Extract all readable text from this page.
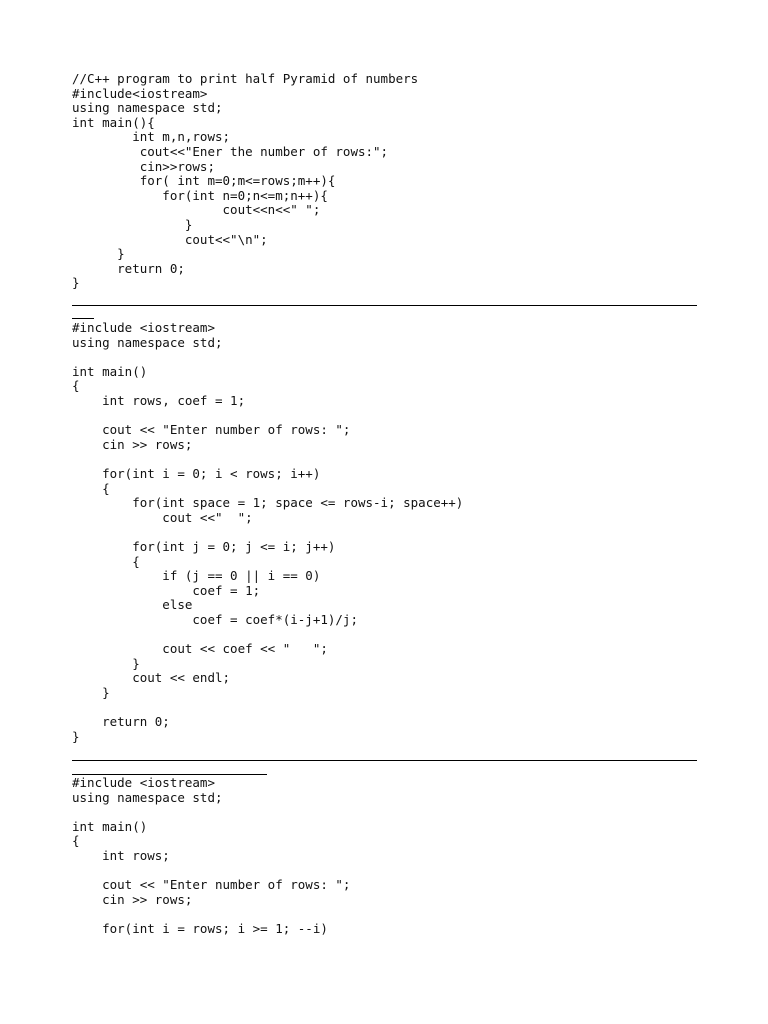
//C++ program to print half Pyramid of numbers
#include<iostream>
using namespace std;
int main(){
int m,n,rows;
cout<<"Ener the number of rows:";
cin>>rows;
for( int m=0;m<=rows;m++){
for(int n=0;n<=m;n++){
cout<<n<<" ";
}
cout<<"\n";
}
return 0;
}
#include <iostream>
using namespace std;

int main()
{
int rows, coef = 1;

cout << "Enter number of rows: ";
cin >> rows;

for(int i = 0; i < rows; i++)
{
for(int space = 1; space <= rows-i; space++)
cout <<"  ";

for(int j = 0; j <= i; j++)
{
if (j == 0 || i == 0)
coef = 1;
else
coef = coef*(i-j+1)/j;

cout << coef << "   ";
}
cout << endl;
}

return 0;
}
#include <iostream>
using namespace std;

int main()
{
int rows;

cout << "Enter number of rows: ";
cin >> rows;

for(int i = rows; i >= 1; --i)
